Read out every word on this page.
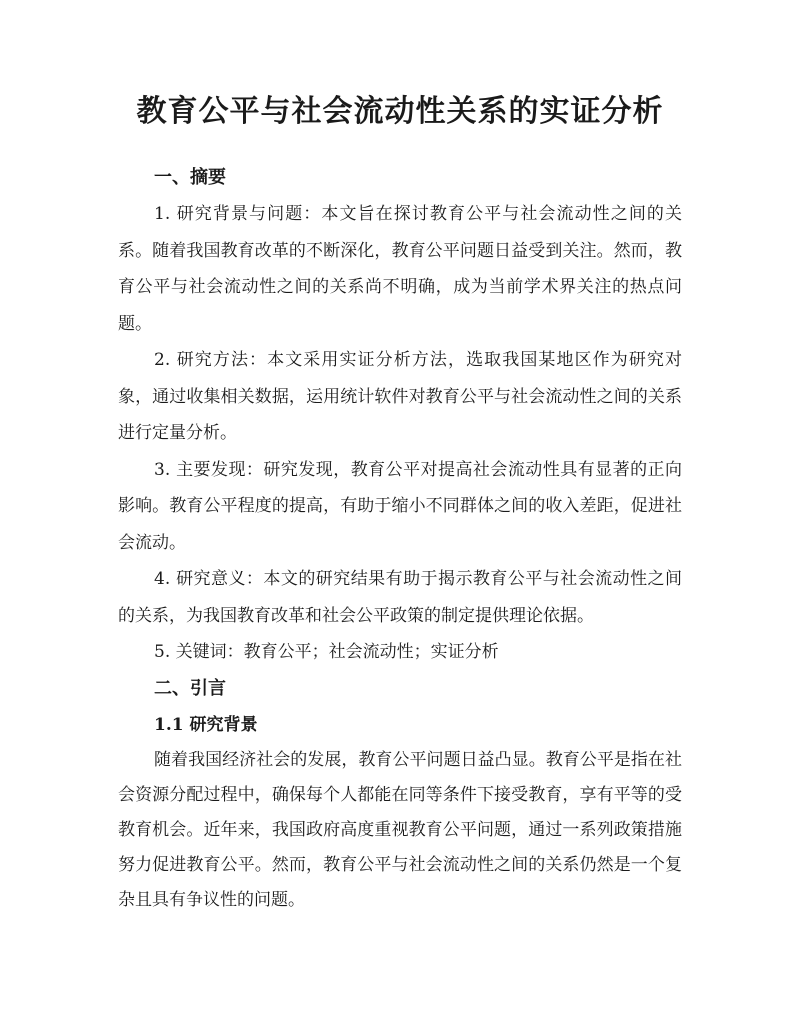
教育公平与社会流动性关系的实证分析
一、摘要

1. 研究背景与问题：本文旨在探讨教育公平与社会流动性之间的关系。随着我国教育改革的不断深化，教育公平问题日益受到关注。然而，教育公平与社会流动性之间的关系尚不明确，成为当前学术界关注的热点问题。

2. 研究方法：本文采用实证分析方法，选取我国某地区作为研究对象，通过收集相关数据，运用统计软件对教育公平与社会流动性之间的关系进行定量分析。

3. 主要发现：研究发现，教育公平对提高社会流动性具有显著的正向影响。教育公平程度的提高，有助于缩小不同群体之间的收入差距，促进社会流动。

4. 研究意义：本文的研究结果有助于揭示教育公平与社会流动性之间的关系，为我国教育改革和社会公平政策的制定提供理论依据。

5. 关键词：教育公平；社会流动性；实证分析

二、引言
1.1 研究背景

随着我国经济社会的发展，教育公平问题日益凸显。教育公平是指在社会资源分配过程中，确保每个人都能在同等条件下接受教育，享有平等的受教育机会。近年来，我国政府高度重视教育公平问题，通过一系列政策措施努力促进教育公平。然而，教育公平与社会流动性之间的关系仍然是一个复杂且具有争议性的问题。
